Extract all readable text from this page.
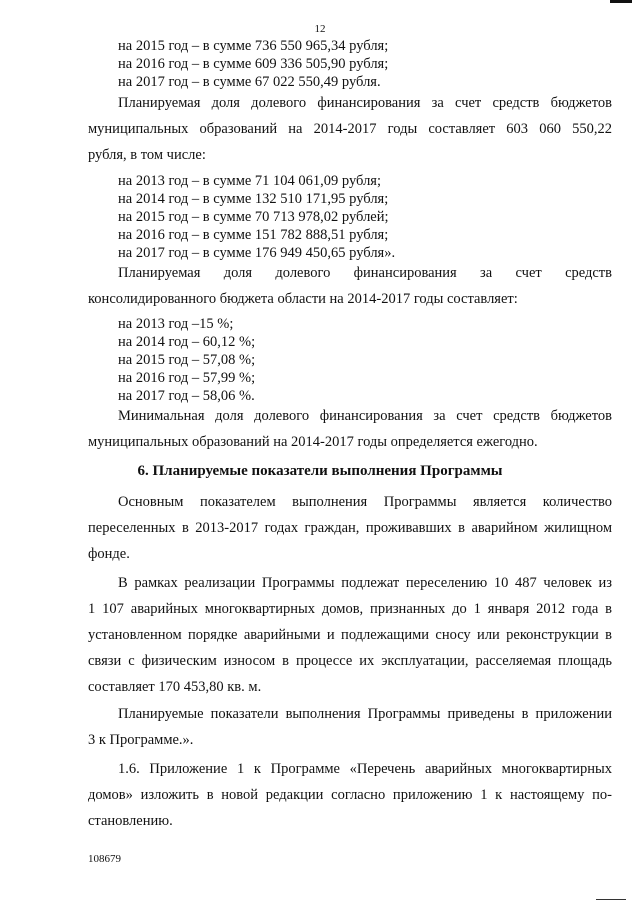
12
на 2015 год – в сумме 736 550 965,34 рубля;
на 2016 год – в сумме 609 336 505,90 рубля;
на 2017 год – в сумме 67 022 550,49 рубля.
Планируемая доля долевого финансирования за счет средств бюджетов
муниципальных образований на 2014-2017 годы составляет 603 060 550,22
рубля, в том числе:
на 2013 год – в сумме 71 104 061,09 рубля;
на 2014 год – в сумме 132 510 171,95 рубля;
на 2015 год – в сумме 70 713 978,02 рублей;
на 2016 год – в сумме 151 782 888,51 рубля;
на 2017 год – в сумме 176 949 450,65 рубля».
Планируемая доля долевого финансирования за счет средств
консолидированного бюджета области на 2014-2017 годы составляет:
на 2013 год –15 %;
на 2014 год – 60,12 %;
на 2015 год – 57,08 %;
на 2016 год – 57,99 %;
на 2017 год – 58,06 %.
Минимальная доля долевого финансирования за счет средств бюджетов
муниципальных образований на 2014-2017 годы определяется ежегодно.
6. Планируемые показатели выполнения Программы
Основным показателем выполнения Программы является количество
переселенных в 2013-2017 годах граждан, проживавших в аварийном жилищном
фонде.
В рамках реализации Программы подлежат переселению 10 487 человек из
1 107 аварийных многоквартирных домов, признанных до 1 января 2012 года в
установленном порядке аварийными и подлежащими сносу или реконструкции в
связи с физическим износом в процессе их эксплуатации, расселяемая площадь
составляет 170 453,80 кв. м.
Планируемые показатели выполнения Программы приведены в приложении
3 к Программе.».
1.6. Приложение 1 к Программе «Перечень аварийных многоквартирных
домов» изложить в новой редакции согласно приложению 1 к настоящему по-
становлению.
108679
